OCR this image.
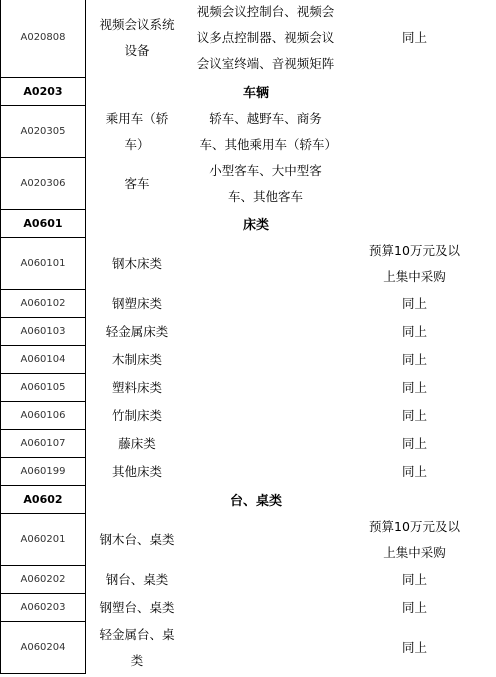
A020808	视频会议系统设备	视频会议控制台、视频会议多点控制器、视频会议会议室终端、音视频矩阵	同上

A0203	车辆		
A020305	乘用车（轿车）	轿车、越野车、商务车、其他乘用车（轿车）	

A020306	客车	小型客车、大中型客车、其他客车	

A0601	床类		
A060101	钢木床类		预算10万元及以上集中采购

A060102	钢塑床类		同上

A060103	轻金属床类		同上

A060104	木制床类		同上

A060105	塑料床类		同上

A060106	竹制床类		同上

A060107	藤床类		同上

A060199	其他床类		同上

A0602	台、桌类		
A060201	钢木台、桌类		预算10万元及以上集中采购

A060202	钢台、桌类		同上

A060203	钢塑台、桌类		同上

A060204	轻金属台、桌类		同上
